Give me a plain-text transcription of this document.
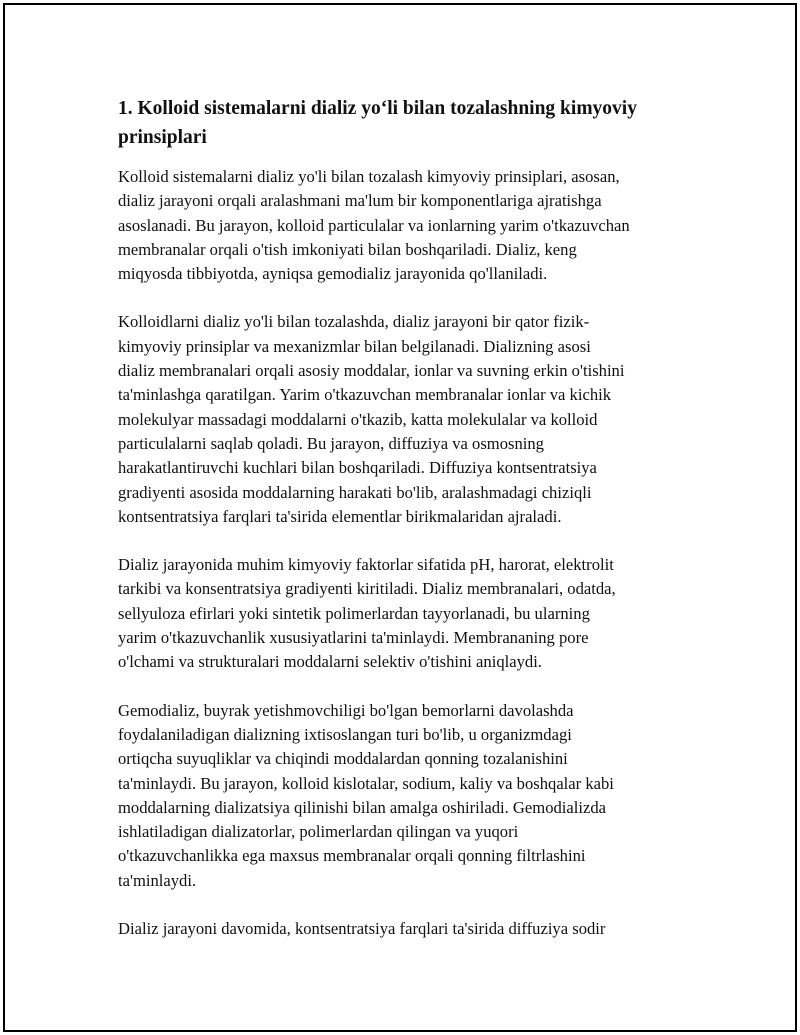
1. Kolloid sistemalarni dializ yo‘li bilan tozalashning kimyoviy prinsiplari
Kolloid sistemalarni dializ yo'li bilan tozalash kimyoviy prinsiplari, asosan,
dializ jarayoni orqali aralashmani ma'lum bir komponentlariga ajratishga
asoslanadi. Bu jarayon, kolloid particulalar va ionlarning yarim o'tkazuvchan
membranalar orqali o'tish imkoniyati bilan boshqariladi. Dializ, keng
miqyosda tibbiyotda, ayniqsa gemodializ jarayonida qo'llaniladi.
Kolloidlarni dializ yo'li bilan tozalashda, dializ jarayoni bir qator fizik-
kimyoviy prinsiplar va mexanizmlar bilan belgilanadi. Dializning asosi
dializ membranalari orqali asosiy moddalar, ionlar va suvning erkin o'tishini
ta'minlashga qaratilgan. Yarim o'tkazuvchan membranalar ionlar va kichik
molekulyar massadagi moddalarni o'tkazib, katta molekulalar va kolloid
particulalarni saqlab qoladi. Bu jarayon, diffuziya va osmosning
harakatlantiruvchi kuchlari bilan boshqariladi. Diffuziya kontsentratsiya
gradiyenti asosida moddalarning harakati bo'lib, aralashmadagi chiziqli
kontsentratsiya farqlari ta'sirida elementlar birikmalaridan ajraladi.
Dializ jarayonida muhim kimyoviy faktorlar sifatida pH, harorat, elektrolit
tarkibi va konsentratsiya gradiyenti kiritiladi. Dializ membranalari, odatda,
sellyuloza efirlari yoki sintetik polimerlardan tayyorlanadi, bu ularning
yarim o'tkazuvchanlik xususiyatlarini ta'minlaydi. Membrananing pore
o'lchami va strukturalari moddalarni selektiv o'tishini aniqlaydi.
Gemodializ, buyrak yetishmovchiligi bo'lgan bemorlarni davolashda
foydalaniladigan dializning ixtisoslangan turi bo'lib, u organizmdagi
ortiqcha suyuqliklar va chiqindi moddalardan qonning tozalanishini
ta'minlaydi. Bu jarayon, kolloid kislotalar, sodium, kaliy va boshqalar kabi
moddalarning dializatsiya qilinishi bilan amalga oshiriladi. Gemodializda
ishlatiladigan dializatorlar, polimerlardan qilingan va yuqori
o'tkazuvchanlikka ega maxsus membranalar orqali qonning filtrlashini
ta'minlaydi.
Dializ jarayoni davomida, kontsentratsiya farqlari ta'sirida diffuziya sodir
